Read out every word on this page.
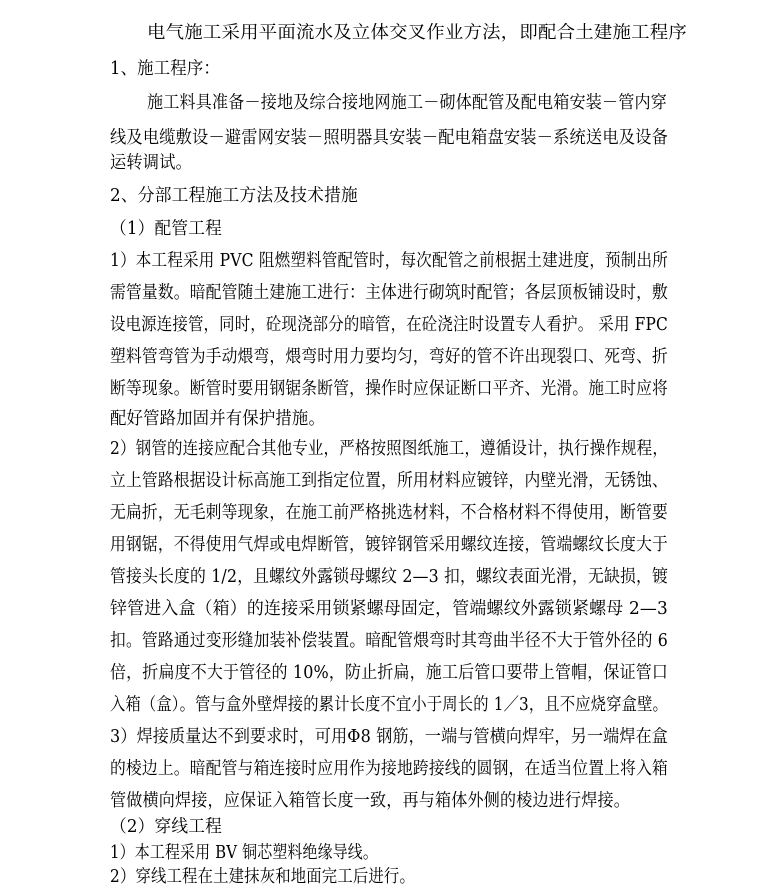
电气施工采用平面流水及立体交叉作业方法，即配合土建施工程序
1、施工程序：
施工料具准备－接地及综合接地网施工－砌体配管及配电箱安装－管内穿
线及电缆敷设－避雷网安装－照明器具安装－配电箱盘安装－系统送电及设备
运转调试。
2、分部工程施工方法及技术措施
（1）配管工程
1）本工程采用 PVC 阻燃塑料管配管时，每次配管之前根据土建进度，预制出所
需管量数。暗配管随土建施工进行：主体进行砌筑时配管；各层顶板铺设时，敷
设电源连接管，同时，砼现浇部分的暗管，在砼浇注时设置专人看护。 采用 FPC
塑料管弯管为手动煨弯，煨弯时用力要均匀，弯好的管不许出现裂口、死弯、折
断等现象。断管时要用钢锯条断管，操作时应保证断口平齐、光滑。施工时应将
配好管路加固并有保护措施。
2）钢管的连接应配合其他专业，严格按照图纸施工，遵循设计，执行操作规程，
立上管路根据设计标高施工到指定位置，所用材料应镀锌，内壁光滑，无锈蚀、
无扁折，无毛刺等现象，在施工前严格挑选材料，不合格材料不得使用，断管要
用钢锯，不得使用气焊或电焊断管，镀锌钢管采用螺纹连接，管端螺纹长度大于
管接头长度的 1/2，且螺纹外露锁母螺纹 2—3 扣，螺纹表面光滑，无缺损，镀
锌管进入盒（箱）的连接采用锁紧螺母固定，管端螺纹外露锁紧螺母 2—3
扣。管路通过变形缝加装补偿装置。暗配管煨弯时其弯曲半径不大于管外径的 6
倍，折扁度不大于管径的 10%，防止折扁，施工后管口要带上管帽，保证管口
入箱（盒）。管与盒外壁焊接的累计长度不宜小于周长的 1／3，且不应烧穿盒壁。
3）焊接质量达不到要求时，可用Φ8 钢筋，一端与管横向焊牢，另一端焊在盒
的棱边上。暗配管与箱连接时应用作为接地跨接线的圆钢，在适当位置上将入箱
管做横向焊接，应保证入箱管长度一致，再与箱体外侧的棱边进行焊接。
（2）穿线工程
1）本工程采用 BV 铜芯塑料绝缘导线。
2）穿线工程在土建抹灰和地面完工后进行。
